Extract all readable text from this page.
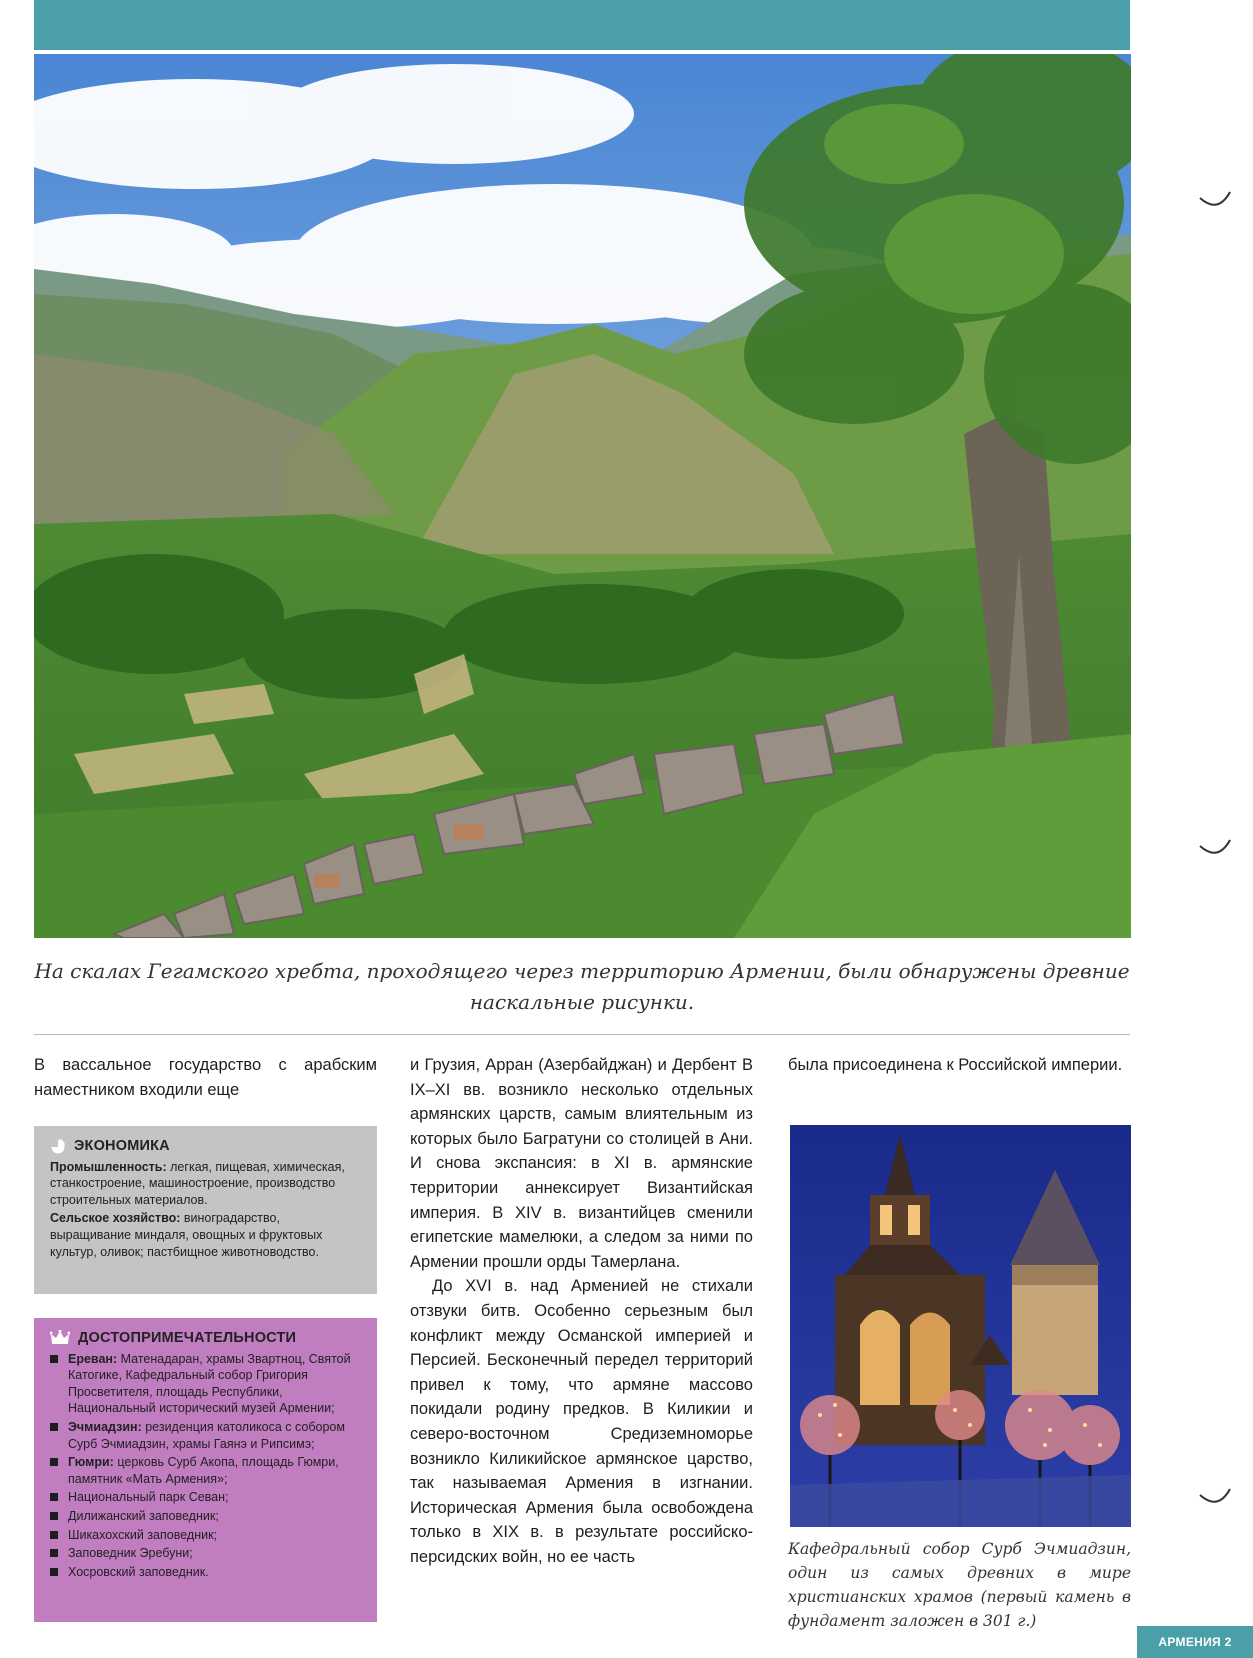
На скалах Гегамского хребта, проходящего через территорию Армении, были обнаружены древние наскальные рисунки.

В вассальное государство с арабским наместником входили еще

ЭКОНОМИКА

Промышленность: легкая, пищевая, химическая, станкостроение, машиностроение, производство строительных материалов.

Сельское хозяйство: виноградарство, выращивание миндаля, овощных и фруктовых культур, оливок; пастбищное животноводство.

ДОСТОПРИМЕЧАТЕЛЬНОСТИ
Ереван: Матенадаран, храмы Звартноц, Святой Катогике, Кафедральный собор Григория Просветителя, площадь Республики, Национальный исторический музей Армении;
Эчмиадзин: резиденция католикоса с собором Сурб Эчмиадзин, храмы Гаянэ и Рипсимэ;
Гюмри: церковь Сурб Акопа, площадь Гюмри, памятник «Мать Армения»;
Национальный парк Севан;
Дилижанский заповедник;
Шикахохский заповедник;
Заповедник Эребуни;
Хосровский заповедник.

и Грузия, Арран (Азербайджан) и Дербент В IX–XI вв. возникло несколько отдельных армянских царств, самым влиятельным из которых было Багратуни со столицей в Ани. И снова экспансия: в XI в. армянские территории аннексирует Византийская империя. В XIV в. византийцев сменили египетские мамелюки, а следом за ними по Армении прошли орды Тамерлана.

До XVI в. над Арменией не стихали отзвуки битв. Особенно серьезным был конфликт между Османской империей и Персией. Бесконечный передел территорий привел к тому, что армяне массово покидали родину предков. В Киликии и северо-восточном Средиземноморье возникло Киликийское армянское царство, так называемая Армения в изгнании. Историческая Армения была освобождена только в XIX в. в результате российско-персидских войн, но ее часть

была присоединена к Российской империи.

Кафедральный собор Сурб Эчмиадзин, один из самых древних в мире христианских храмов (первый камень в фундамент заложен в 301 г.)
АРМЕНИЯ 2
